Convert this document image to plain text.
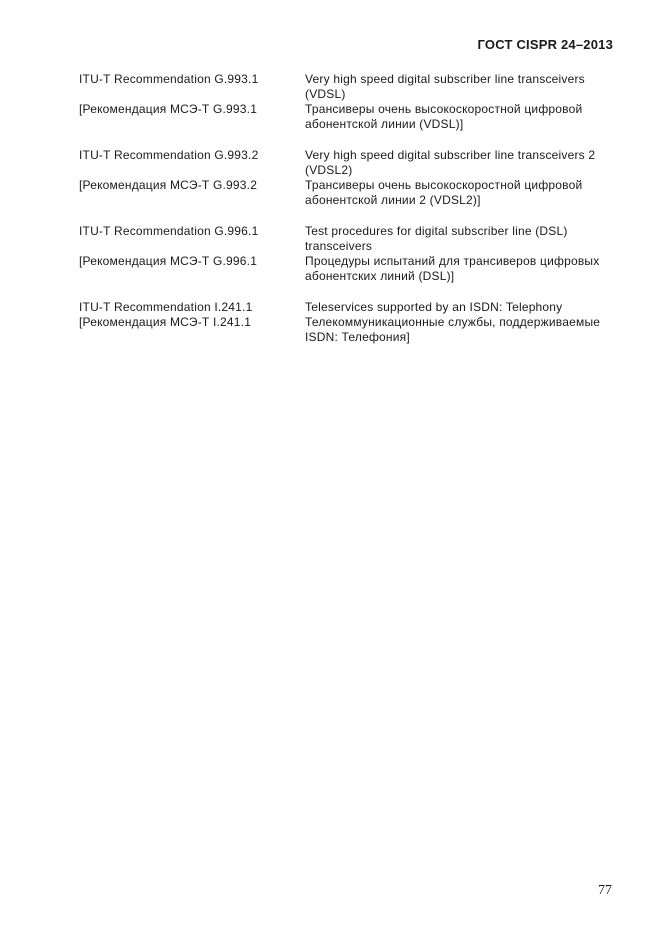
ГОСТ CISPR 24–2013
ITU-T Recommendation G.993.1	Very high speed digital subscriber line transceivers (VDSL)
[Рекомендация МСЭ-Т G.993.1	Трансиверы очень высокоскоростной цифровой абонентской линии (VDSL)]
ITU-T Recommendation G.993.2	Very high speed digital subscriber line transceivers 2 (VDSL2)
[Рекомендация МСЭ-Т G.993.2	Трансиверы очень высокоскоростной цифровой абонентской линии 2 (VDSL2)]
ITU-T Recommendation G.996.1	Test procedures for digital subscriber line (DSL) transceivers
[Рекомендация МСЭ-Т G.996.1	Процедуры испытаний для трансиверов цифровых абонентских линий (DSL)]
ITU-T Recommendation I.241.1	Teleservices supported by an ISDN: Telephony
[Рекомендация МСЭ-Т I.241.1	Телекоммуникационные службы, поддерживаемые ISDN: Телефония]
77
